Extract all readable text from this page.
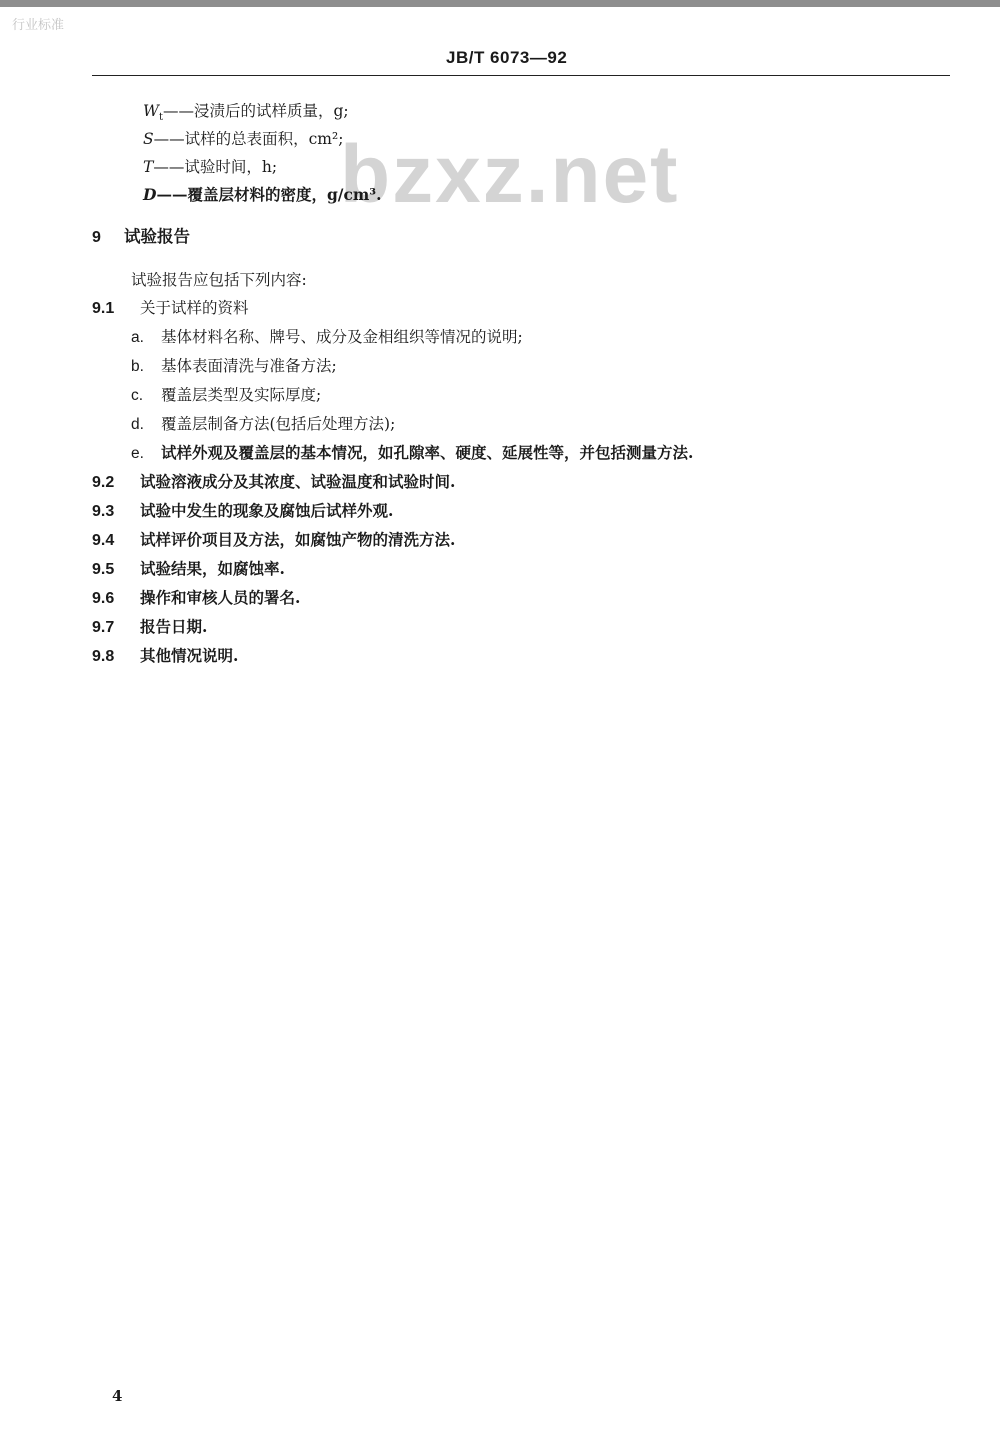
行业标准
JB/T 6073—92
bzxz.net
$W_t——$浸渍后的试样质量，g;
S——试样的总表面积，cm²;
T——试验时间，h;
D——覆盖层材料的密度，g/cm³.
9 试验报告
试验报告应包括下列内容:
9.1 关于试样的资料
a. 基体材料名称、牌号、成分及金相组织等情况的说明;
b. 基体表面清洗与准备方法;
c. 覆盖层类型及实际厚度;
d. 覆盖层制备方法(包括后处理方法);
e. 试样外观及覆盖层的基本情况，如孔隙率、硬度、延展性等，并包括测量方法.
9.2 试验溶液成分及其浓度、试验温度和试验时间.
9.3 试验中发生的现象及腐蚀后试样外观.
9.4 试样评价项目及方法，如腐蚀产物的清洗方法.
9.5 试验结果，如腐蚀率.
9.6 操作和审核人员的署名.
9.7 报告日期.
9.8 其他情况说明.
4
